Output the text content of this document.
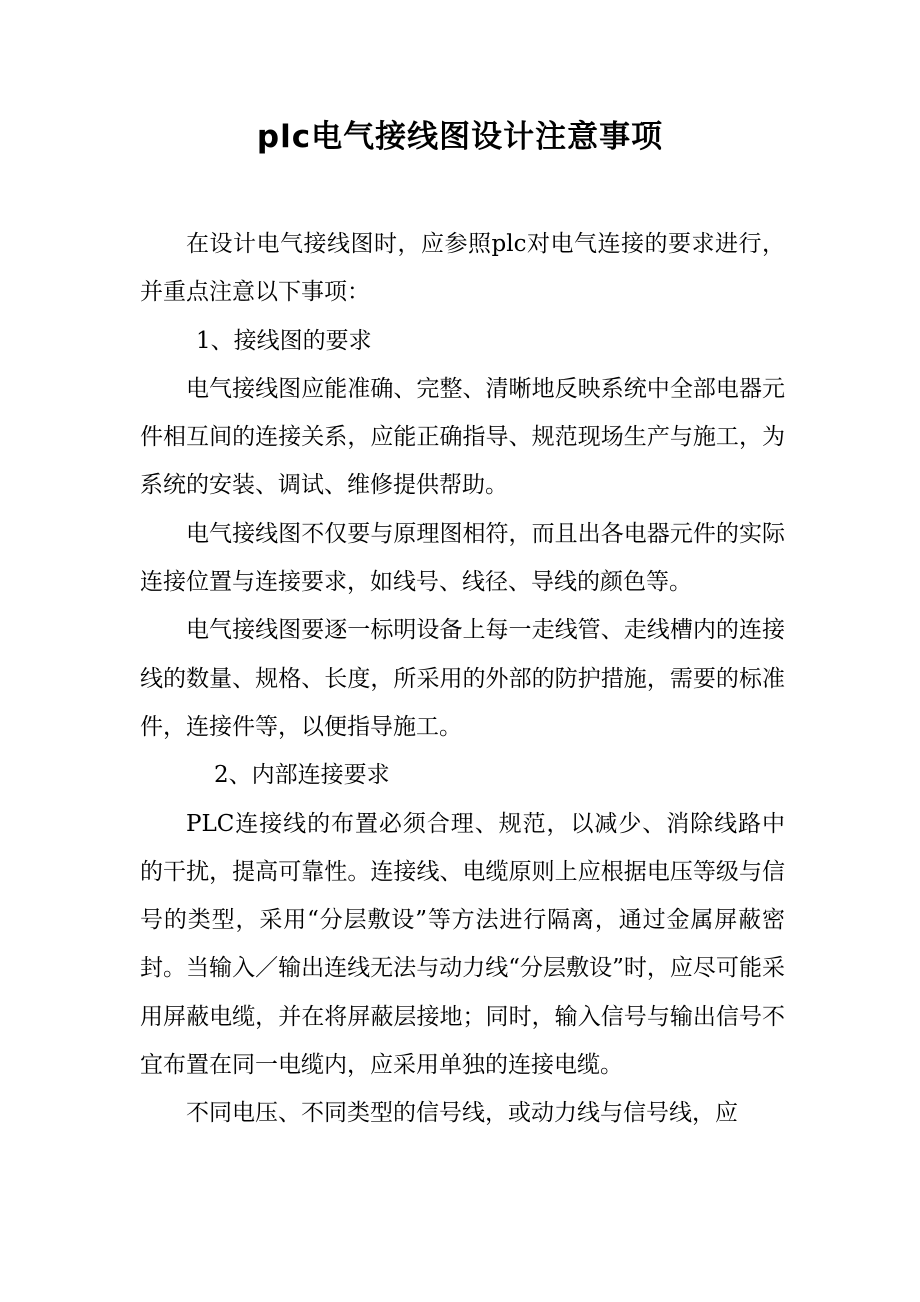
plc电气接线图设计注意事项

在设计电气接线图时，应参照plc对电气连接的要求进行，并重点注意以下事项：

1、接线图的要求

电气接线图应能准确、完整、清晰地反映系统中全部电器元件相互间的连接关系，应能正确指导、规范现场生产与施工，为系统的安装、调试、维修提供帮助。

电气接线图不仅要与原理图相符，而且出各电器元件的实际连接位置与连接要求，如线号、线径、导线的颜色等。

电气接线图要逐一标明设备上每一走线管、走线槽内的连接线的数量、规格、长度，所采用的外部的防护措施，需要的标准件，连接件等，以便指导施工。

2、内部连接要求

PLC连接线的布置必须合理、规范，以减少、消除线路中的干扰，提高可靠性。连接线、电缆原则上应根据电压等级与信号的类型，采用“分层敷设”等方法进行隔离，通过金属屏蔽密封。当输入／输出连线无法与动力线“分层敷设”时，应尽可能采用屏蔽电缆，并在将屏蔽层接地；同时，输入信号与输出信号不宜布置在同一电缆内，应采用单独的连接电缆。

不同电压、不同类型的信号线，或动力线与信号线，应
